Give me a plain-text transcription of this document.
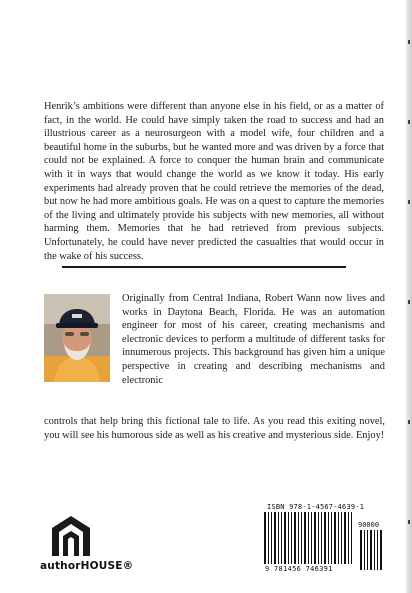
Henrik’s ambitions were different than anyone else in his field, or as a matter of fact, in the world. He could have simply taken the road to success and had an illustrious career as a neurosurgeon with a model wife, four children and a beautiful home in the suburbs, but he wanted more and was driven by a force that could not be explained. A force to conquer the human brain and communicate with it in ways that would change the world as we know it today. His early experiments had already proven that he could retrieve the memories of the dead, but now he had more ambitious goals. He was on a quest to capture the memories of the living and ultimately provide his subjects with new memories, all without harming them. Memories that he had retrieved from previous subjects. Unfortunately, he could have never predicted the casualties that would occur in the wake of his success.

Originally from Central Indiana, Robert Wann now lives and works in Daytona Beach, Florida. He was an automation engineer for most of his career, creating mechanisms and electronic devices to perform a multitude of different tasks for innumerous projects. This background has given him a unique perspective in creating and describing mechanisms and electronic

controls that help bring this fictional tale to life. As you read this exiting novel, you will see his humorous side as well as his creative and mysterious side. Enjoy!

authorHOUSE®
ISBN 978-1-4567-4639-1
90000
9 781456 746391
